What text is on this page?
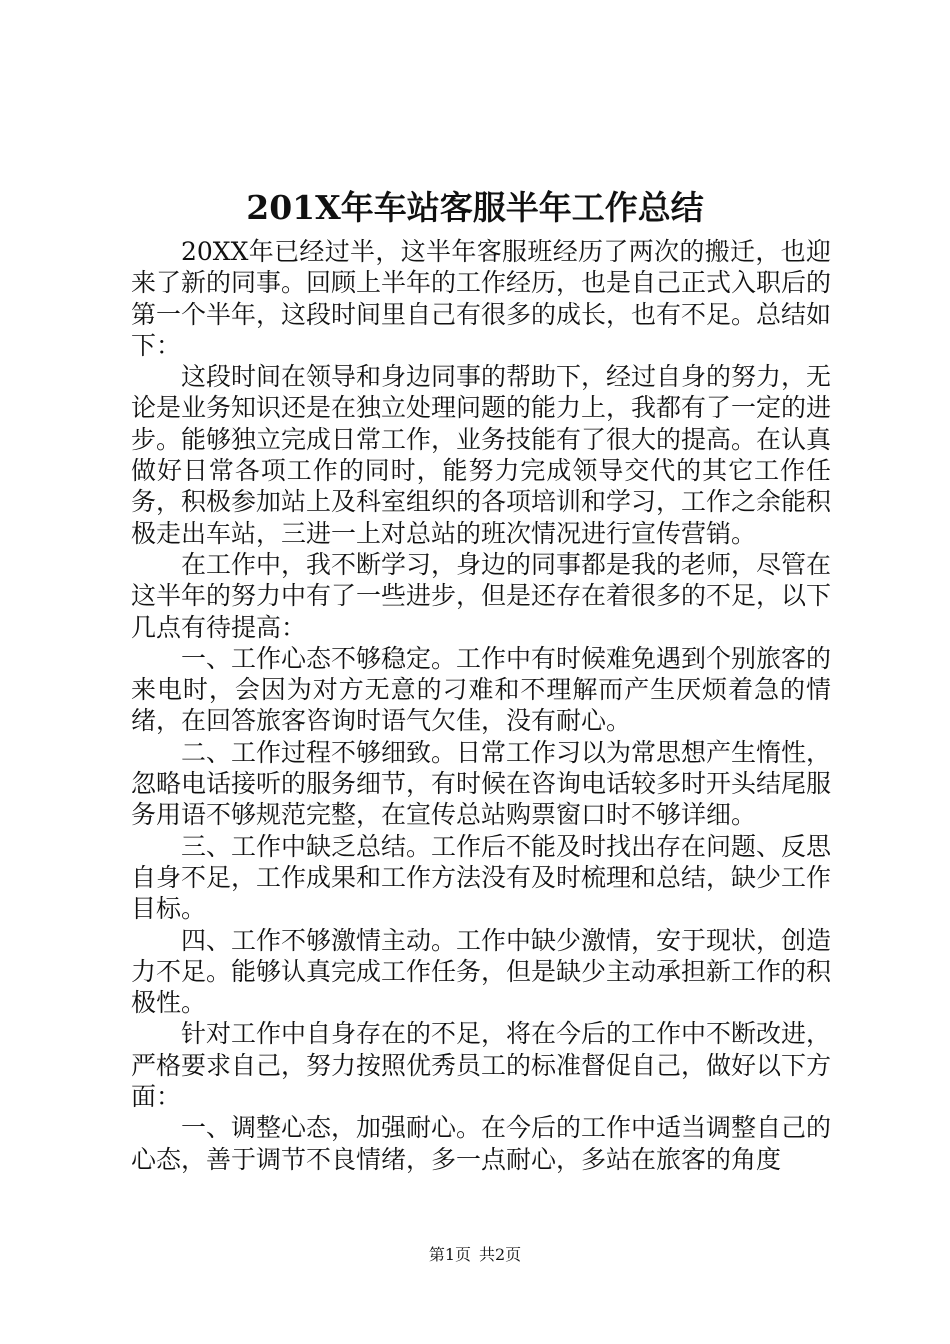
201X年车站客服半年工作总结

20XX年已经过半，这半年客服班经历了两次的搬迁，也迎来了新的同事。回顾上半年的工作经历，也是自己正式入职后的第一个半年，这段时间里自己有很多的成长，也有不足。总结如下：

这段时间在领导和身边同事的帮助下，经过自身的努力，无论是业务知识还是在独立处理问题的能力上，我都有了一定的进步。能够独立完成日常工作，业务技能有了很大的提高。在认真做好日常各项工作的同时，能努力完成领导交代的其它工作任务，积极参加站上及科室组织的各项培训和学习，工作之余能积极走出车站，三进一上对总站的班次情况进行宣传营销。

在工作中，我不断学习，身边的同事都是我的老师，尽管在这半年的努力中有了一些进步，但是还存在着很多的不足，以下几点有待提高：

一、工作心态不够稳定。工作中有时候难免遇到个别旅客的来电时，会因为对方无意的刁难和不理解而产生厌烦着急的情绪，在回答旅客咨询时语气欠佳，没有耐心。

二、工作过程不够细致。日常工作习以为常思想产生惰性，忽略电话接听的服务细节，有时候在咨询电话较多时开头结尾服务用语不够规范完整，在宣传总站购票窗口时不够详细。

三、工作中缺乏总结。工作后不能及时找出存在问题、反思自身不足，工作成果和工作方法没有及时梳理和总结，缺少工作目标。

四、工作不够激情主动。工作中缺少激情，安于现状，创造力不足。能够认真完成工作任务，但是缺少主动承担新工作的积极性。

针对工作中自身存在的不足，将在今后的工作中不断改进，严格要求自己，努力按照优秀员工的标准督促自己，做好以下方面：

一、调整心态，加强耐心。在今后的工作中适当调整自己的心态，善于调节不良情绪，多一点耐心，多站在旅客的角度

第1页 共2页
